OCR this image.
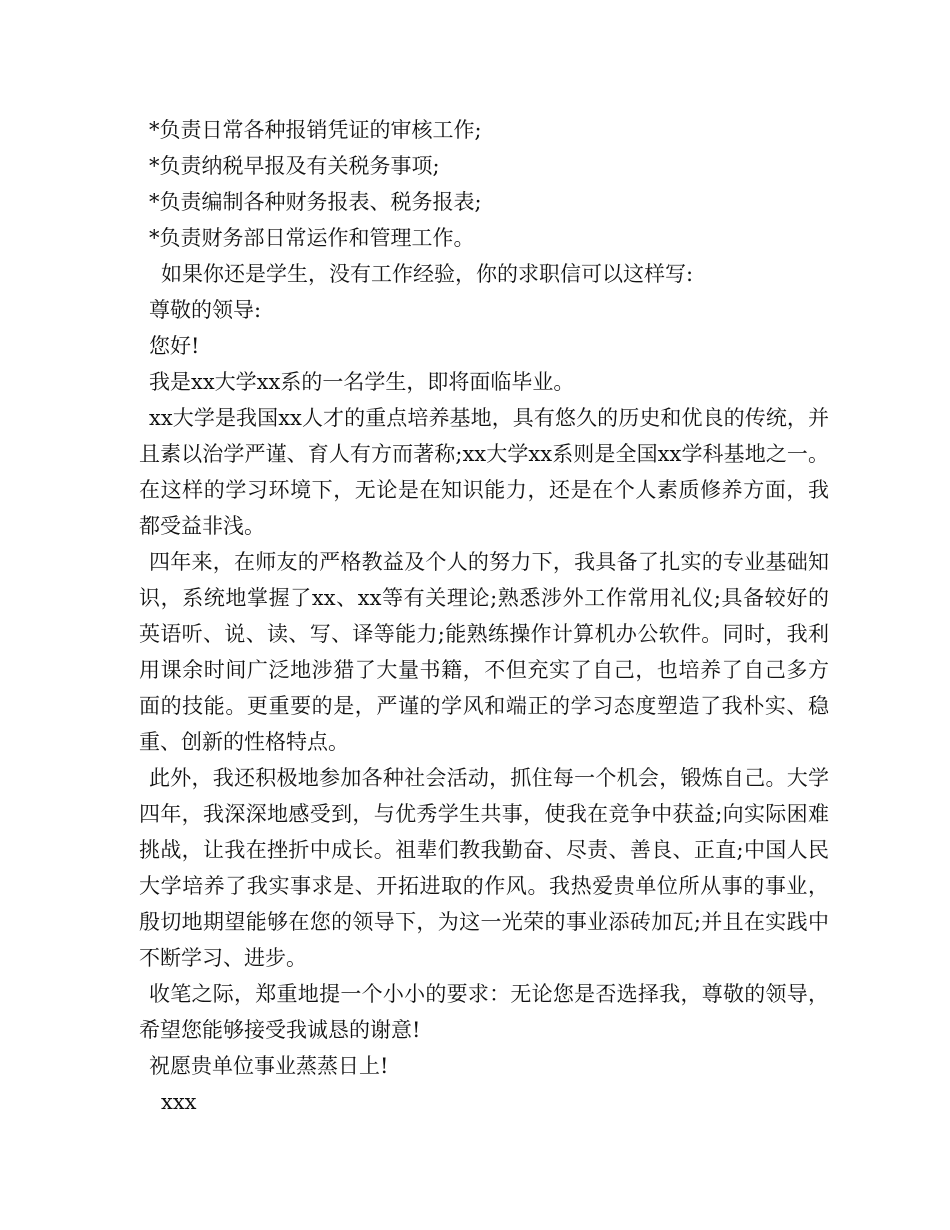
*负责日常各种报销凭证的审核工作;

*负责纳税早报及有关税务事项;

*负责编制各种财务报表、税务报表;

*负责财务部日常运作和管理工作。

如果你还是学生，没有工作经验，你的求职信可以这样写:

尊敬的领导:

您好!

我是xx大学xx系的一名学生，即将面临毕业。

xx大学是我国xx人才的重点培养基地，具有悠久的历史和优良的传统，并且素以治学严谨、育人有方而著称;xx大学xx系则是全国xx学科基地之一。在这样的学习环境下，无论是在知识能力，还是在个人素质修养方面，我都受益非浅。

四年来，在师友的严格教益及个人的努力下，我具备了扎实的专业基础知识，系统地掌握了xx、xx等有关理论;熟悉涉外工作常用礼仪;具备较好的英语听、说、读、写、译等能力;能熟练操作计算机办公软件。同时，我利用课余时间广泛地涉猎了大量书籍，不但充实了自己，也培养了自己多方面的技能。更重要的是，严谨的学风和端正的学习态度塑造了我朴实、稳重、创新的性格特点。

此外，我还积极地参加各种社会活动，抓住每一个机会，锻炼自己。大学四年，我深深地感受到，与优秀学生共事，使我在竞争中获益;向实际困难挑战，让我在挫折中成长。祖辈们教我勤奋、尽责、善良、正直;中国人民大学培养了我实事求是、开拓进取的作风。我热爱贵单位所从事的事业，殷切地期望能够在您的领导下，为这一光荣的事业添砖加瓦;并且在实践中不断学习、进步。

收笔之际，郑重地提一个小小的要求：无论您是否选择我，尊敬的领导，希望您能够接受我诚恳的谢意!

祝愿贵单位事业蒸蒸日上!

xxx
